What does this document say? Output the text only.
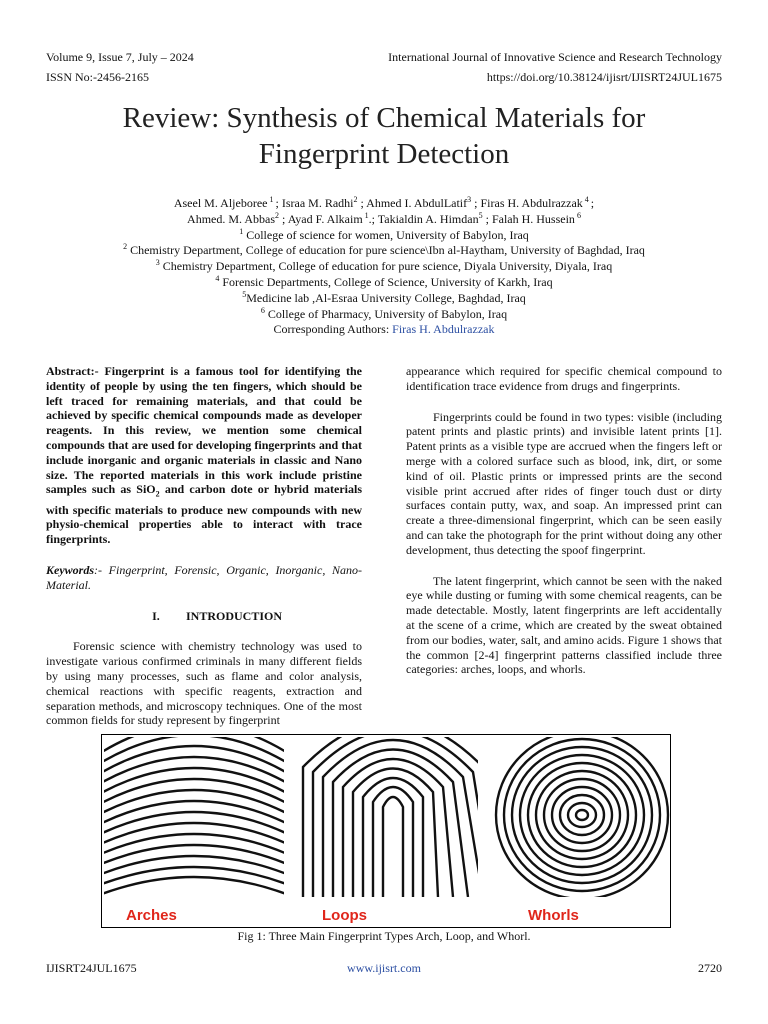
Volume 9, Issue 7, July – 2024
ISSN No:-2456-2165
International Journal of Innovative Science and Research Technology
https://doi.org/10.38124/ijisrt/IJISRT24JUL1675
Review: Synthesis of Chemical Materials for
Fingerprint Detection
Aseel M. Aljeboree $^1$ ; Israa M. Radhi$^2$ ; Ahmed I. AbdulLatif$^3$ ; Firas H. Abdulrazzak $^4$ ;
Ahmed. M. Abbas$^2$ ; Ayad F. Alkaim $^1$.; Takialdin A. Himdan$^5$ ; Falah H. Hussein $^6$
$^1$ College of science for women, University of Babylon, Iraq
$^2$ Chemistry Department, College of education for pure science\Ibn al-Haytham, University of Baghdad, Iraq
$^3$ Chemistry Department, College of education for pure science, Diyala University, Diyala, Iraq
$^4$ Forensic Departments, College of Science, University of Karkh, Iraq
$^5$Medicine lab ,Al-Esraa University College, Baghdad, Iraq
$^6$ College of Pharmacy, University of Babylon, Iraq
Corresponding Authors: Firas H. Abdulrazzak

Abstract:- Fingerprint is a famous tool for identifying the identity of people by using the ten fingers, which should be left traced for remaining materials, and that could be achieved by specific chemical compounds made as developer reagents. In this review, we mention some chemical compounds that are used for developing fingerprints and that include inorganic and organic materials in classic and Nano size. The reported materials in this work include pristine samples such as SiO$_2$ and carbon dote or hybrid materials with specific materials to produce new compounds with new physio-chemical properties able to interact with trace fingerprints.

Keywords:- Fingerprint, Forensic, Organic, Inorganic, Nano-Material.

I. INTRODUCTION

Forensic science with chemistry technology was used to investigate various confirmed criminals in many different fields by using many processes, such as flame and color analysis, chemical reactions with specific reagents, extraction and separation methods, and microscopy techniques. One of the most common fields for study represent by fingerprint

appearance which required for specific chemical compound to identification trace evidence from drugs and fingerprints.

Fingerprints could be found in two types: visible (including patent prints and plastic prints) and invisible latent prints [1]. Patent prints as a visible type are accrued when the fingers left or merge with a colored surface such as blood, ink, dirt, or some kind of oil. Plastic prints or impressed prints are the second visible print accrued after rides of finger touch dust or dirty surfaces contain putty, wax, and soap. An impressed print can create a three-dimensional fingerprint, which can be seen easily and can take the photograph for the print without doing any other development, thus detecting the spoof fingerprint.

The latent fingerprint, which cannot be seen with the naked eye while dusting or fuming with some chemical reagents, can be made detectable. Mostly, latent fingerprints are left accidentally at the scene of a crime, which are created by the sweat obtained from our bodies, water, salt, and amino acids. Figure 1 shows that the common [2-4] fingerprint patterns classified include three categories: arches, loops, and whorls.

Arches	Loops	Whorls
Fig 1: Three Main Fingerprint Types Arch, Loop, and Whorl.
IJISRT24JUL1675	www.ijisrt.com	2720
